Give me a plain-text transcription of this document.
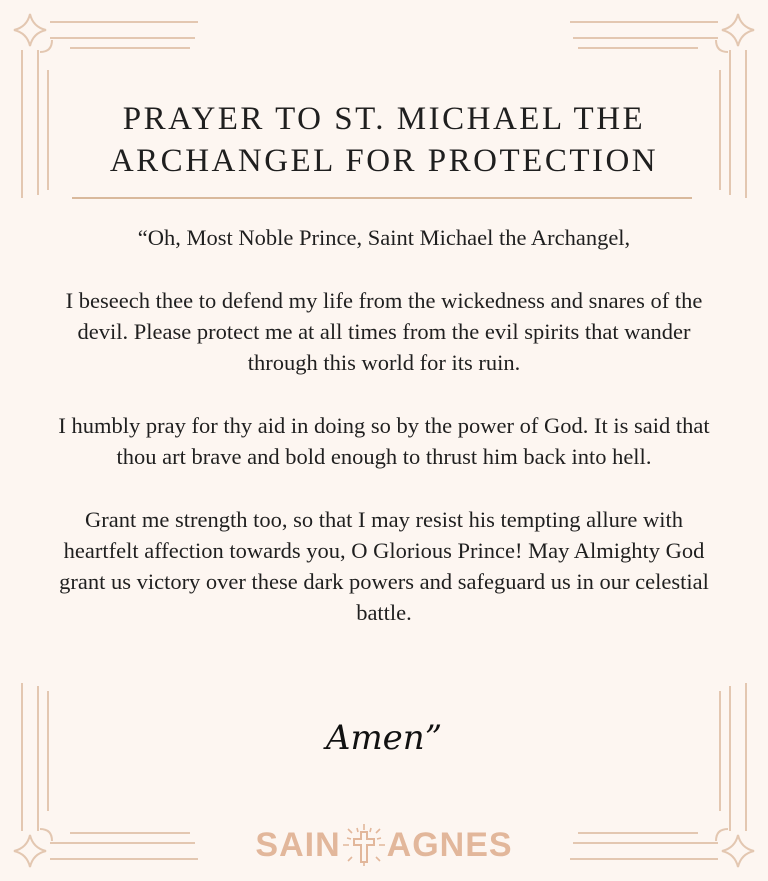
PRAYER TO ST. MICHAEL THE
ARCHANGEL FOR PROTECTION

“Oh, Most Noble Prince, Saint Michael the Archangel,

I beseech thee to defend my life from the wickedness and snares of the devil. Please protect me at all times from the evil spirits that wander through this world for its ruin.

I humbly pray for thy aid in doing so by the power of God. It is said that thou art brave and bold enough to thrust him back into hell.

Grant me strength too, so that I may resist his tempting allure with heartfelt affection towards you, O Glorious Prince! May Almighty God grant us victory over these dark powers and safeguard us in our celestial battle.

Amen”
SAIN AGNES
